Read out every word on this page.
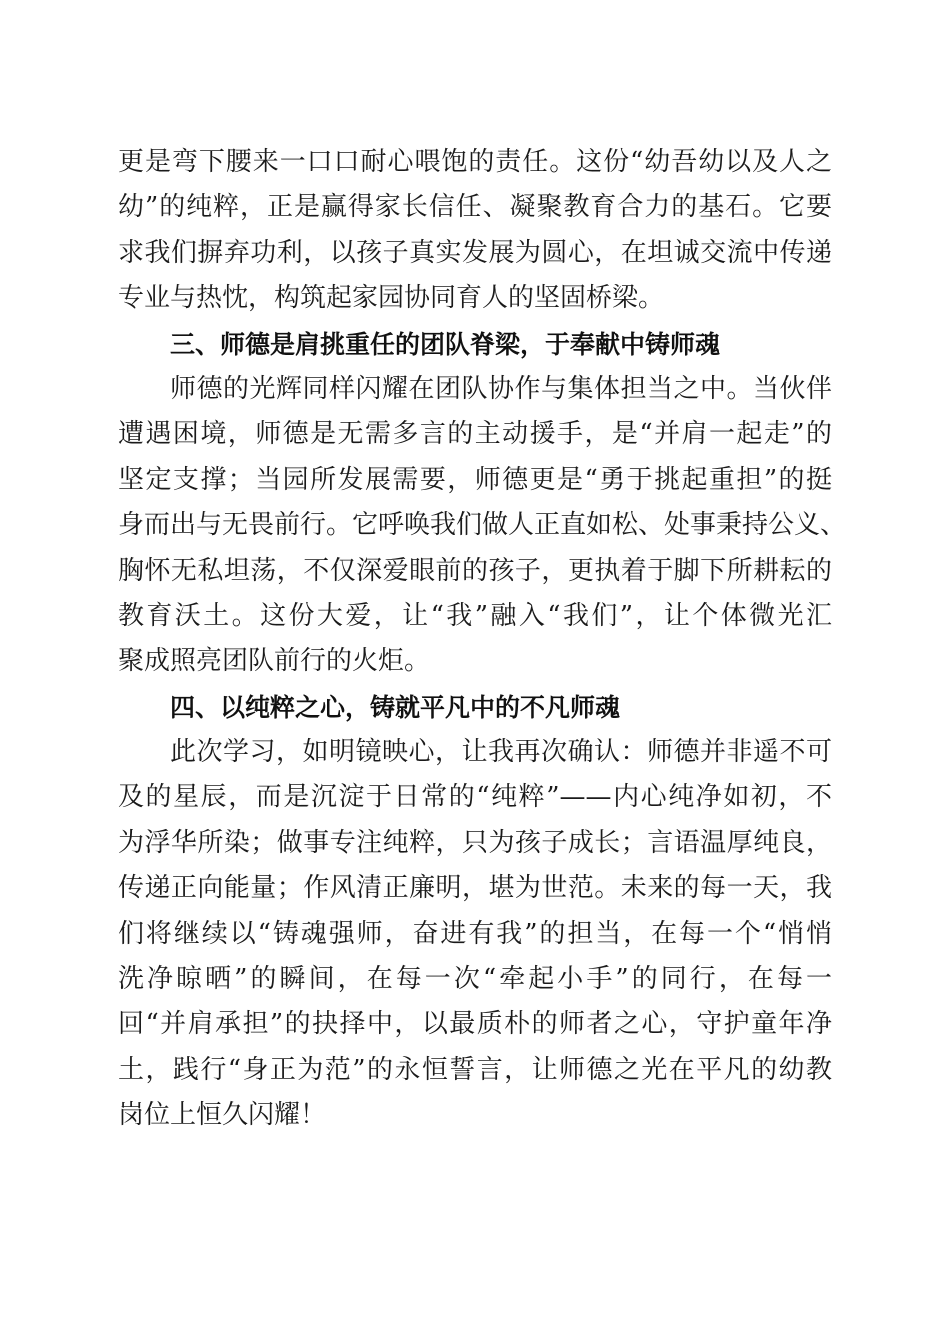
更是弯下腰来一口口耐心喂饱的责任。这份“幼吾幼以及人之
幼”的纯粹，正是赢得家长信任、凝聚教育合力的基石。它要
求我们摒弃功利，以孩子真实发展为圆心，在坦诚交流中传递
专业与热忱，构筑起家园协同育人的坚固桥梁。
三、师德是肩挑重任的团队脊梁，于奉献中铸师魂
师德的光辉同样闪耀在团队协作与集体担当之中。当伙伴
遭遇困境，师德是无需多言的主动援手，是“并肩一起走”的
坚定支撑；当园所发展需要，师德更是“勇于挑起重担”的挺
身而出与无畏前行。它呼唤我们做人正直如松、处事秉持公义、
胸怀无私坦荡，不仅深爱眼前的孩子，更执着于脚下所耕耘的
教育沃土。这份大爱，让“我”融入“我们”，让个体微光汇
聚成照亮团队前行的火炬。
四、以纯粹之心，铸就平凡中的不凡师魂
此次学习，如明镜映心，让我再次确认：师德并非遥不可
及的星辰，而是沉淀于日常的“纯粹”——内心纯净如初，不
为浮华所染；做事专注纯粹，只为孩子成长；言语温厚纯良，
传递正向能量；作风清正廉明，堪为世范。未来的每一天，我
们将继续以“铸魂强师，奋进有我”的担当，在每一个“悄悄
洗净晾晒”的瞬间，在每一次“牵起小手”的同行，在每一
回“并肩承担”的抉择中，以最质朴的师者之心，守护童年净
土，践行“身正为范”的永恒誓言，让师德之光在平凡的幼教
岗位上恒久闪耀！
